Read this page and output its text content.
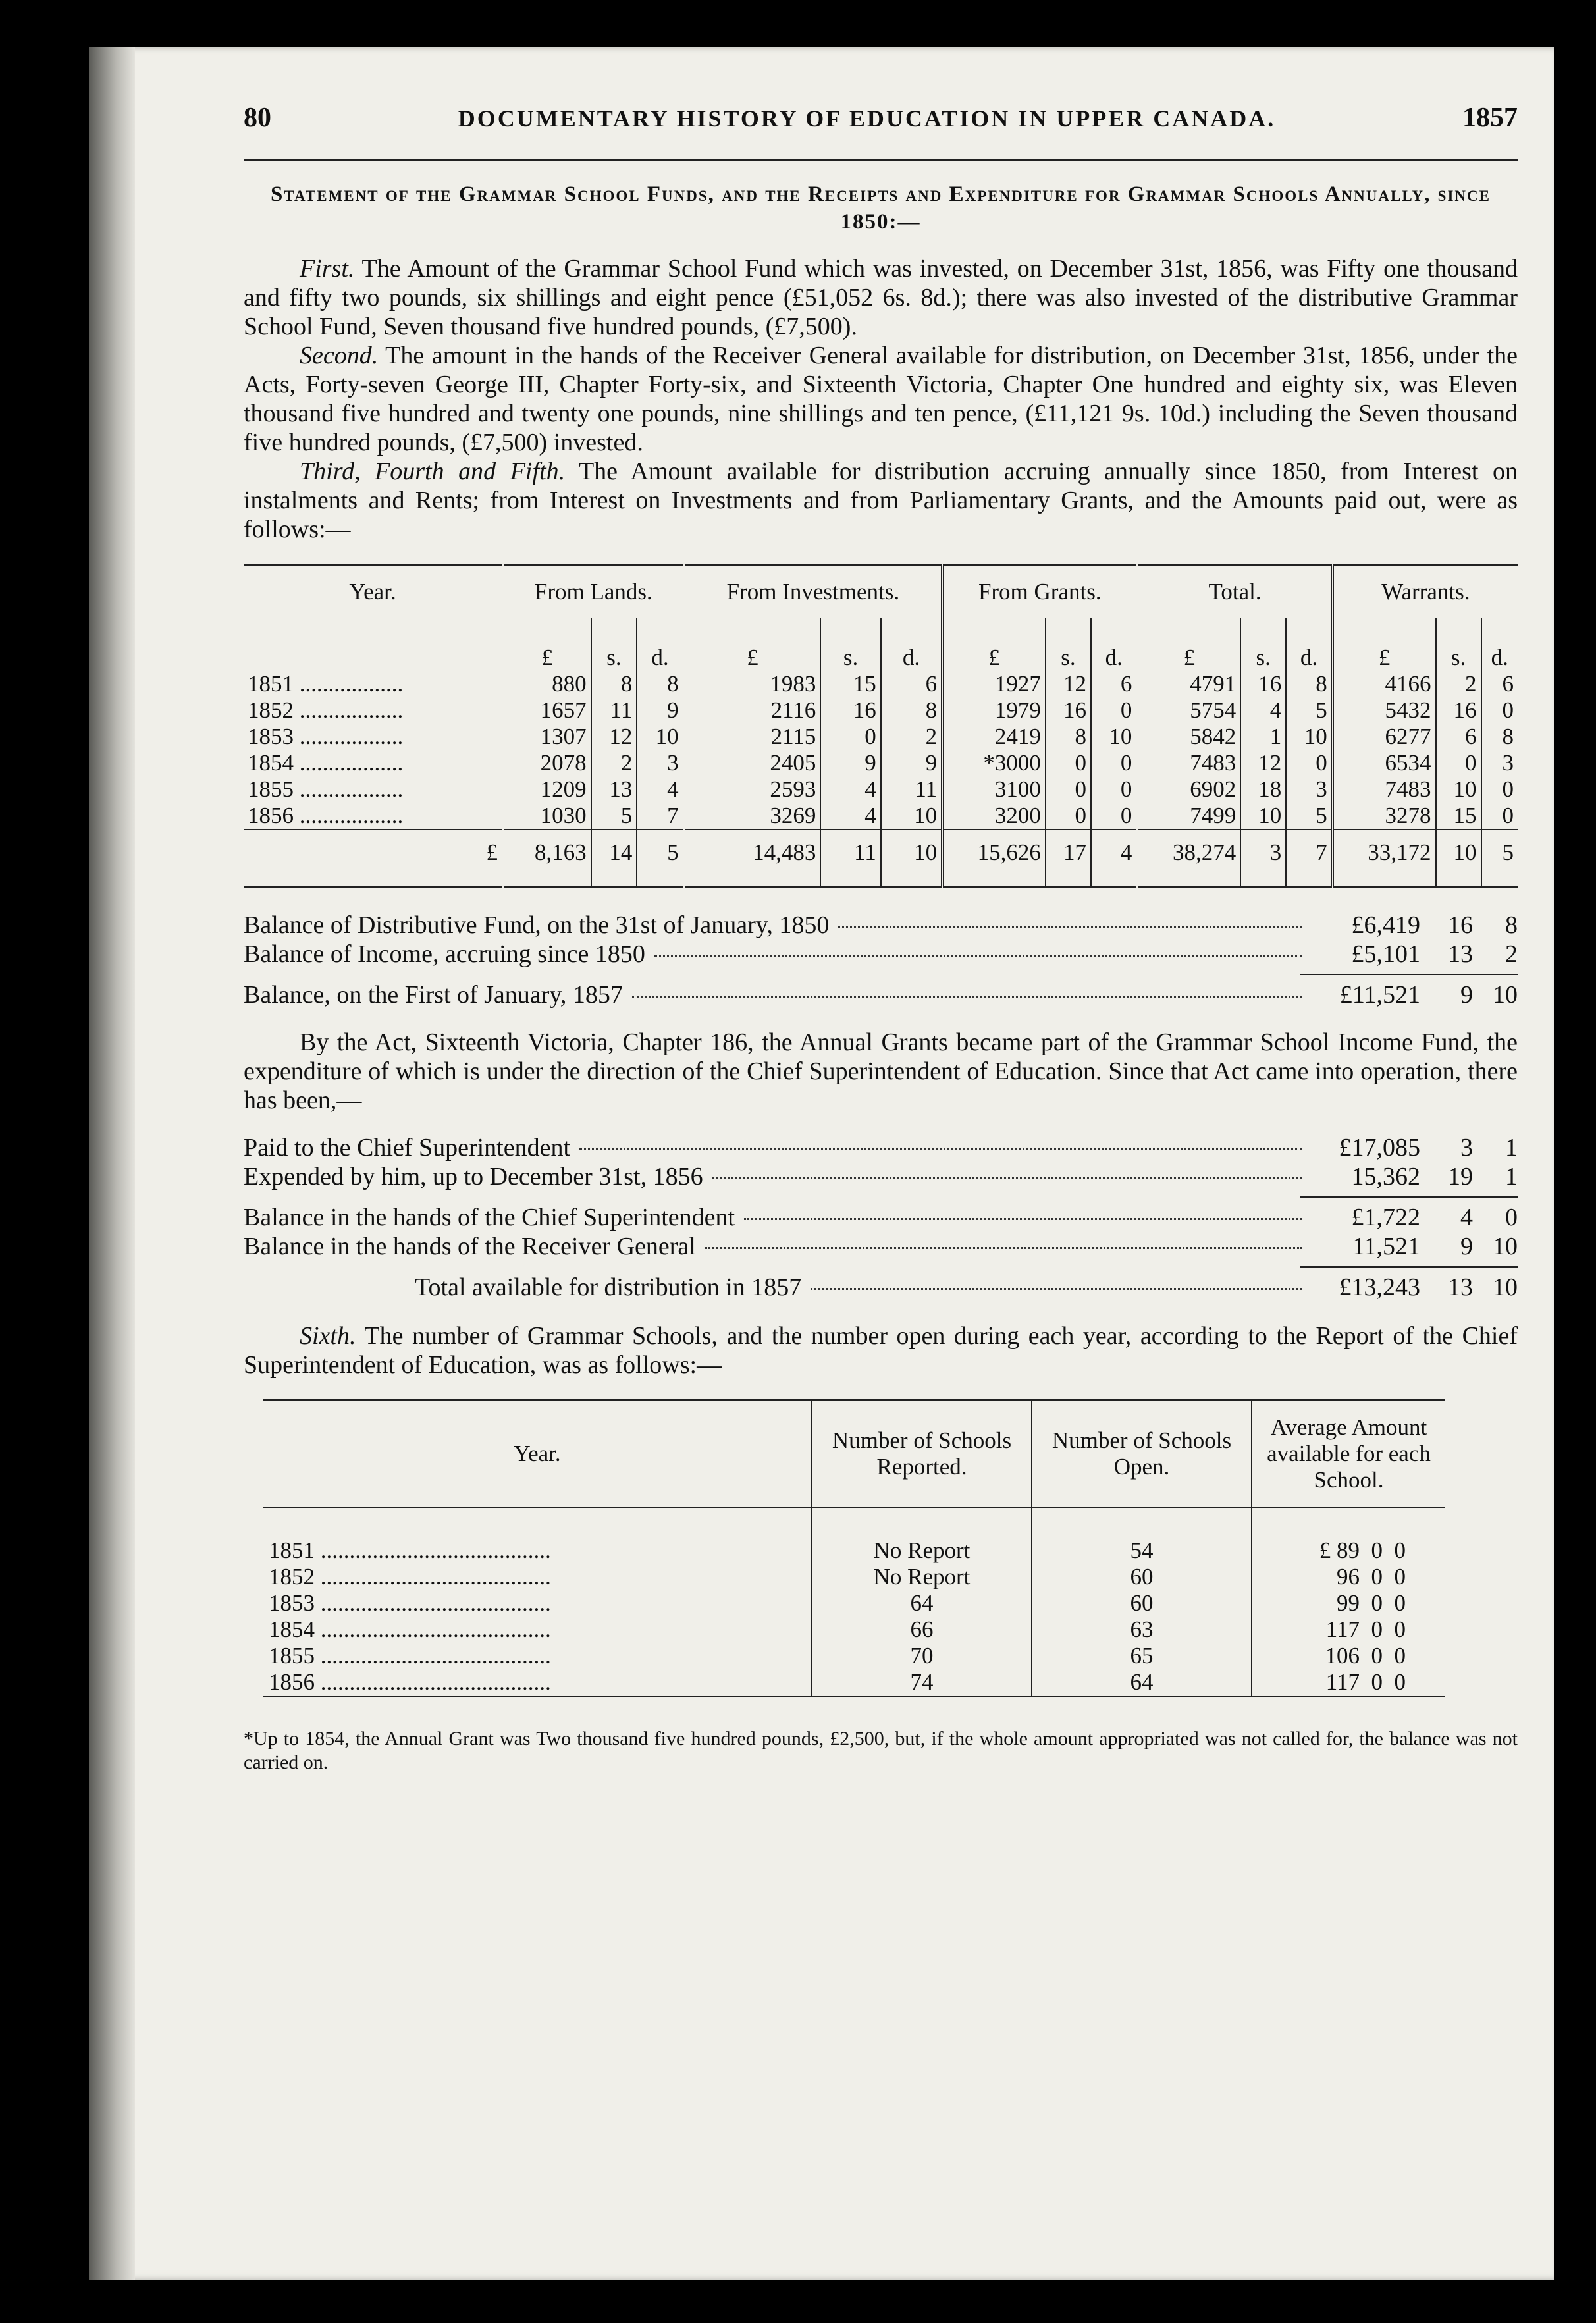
80	DOCUMENTARY HISTORY OF EDUCATION IN UPPER CANADA.	1857
Statement of the Grammar School Funds, and the Receipts and Expenditure for Grammar Schools Annually, since 1850:—

First. The Amount of the Grammar School Fund which was invested, on December 31st, 1856, was Fifty one thousand and fifty two pounds, six shillings and eight pence (£51,052 6s. 8d.); there was also invested of the distributive Grammar School Fund, Seven thousand five hundred pounds, (£7,500).

Second. The amount in the hands of the Receiver General available for distribution, on December 31st, 1856, under the Acts, Forty-seven George III, Chapter Forty-six, and Sixteenth Victoria, Chapter One hundred and eighty six, was Eleven thousand five hundred and twenty one pounds, nine shillings and ten pence, (£11,121 9s. 10d.) including the Seven thousand five hundred pounds, (£7,500) invested.

Third, Fourth and Fifth. The Amount available for distribution accruing annually since 1850, from Interest on instalments and Rents; from Interest on Investments and from Parliamentary Grants, and the Amounts paid out, were as follows:—

Year.	From Lands.			From Investments.			From Grants.			Total.			Warrants.		
	£	s.	d.	£	s.	d.	£	s.	d.	£	s.	d.	£	s.	d.
1851 ..................	880	8	8	1983	15	6	1927	12	6	4791	16	8	4166	2	6
1852 ..................	1657	11	9	2116	16	8	1979	16	0	5754	4	5	5432	16	0
1853 ..................	1307	12	10	2115	0	2	2419	8	10	5842	1	10	6277	6	8
1854 ..................	2078	2	3	2405	9	9	*3000	0	0	7483	12	0	6534	0	3
1855 ..................	1209	13	4	2593	4	11	3100	0	0	6902	18	3	7483	10	0
1856 ..................	1030	5	7	3269	4	10	3200	0	0	7499	10	5	3278	15	0
£	8,163	14	5	14,483	11	10	15,626	17	4	38,274	3	7	33,172	10	5
Balance of Distributive Fund, on the 31st of January, 1850	£6,419	16	8
Balance of Income, accruing since 1850	£5,101	13	2
Balance, on the First of January, 1857	£11,521	9 10

By the Act, Sixteenth Victoria, Chapter 186, the Annual Grants became part of the Grammar School Income Fund, the expenditure of which is under the direction of the Chief Superintendent of Education. Since that Act came into operation, there has been,—

Paid to the Chief Superintendent	£17,085	3	1
Expended by him, up to December 31st, 1856	15,362	19	1
Balance in the hands of the Chief Superintendent	£1,722	4	0
Balance in the hands of the Receiver General	11,521	9 10
Total available for distribution in 1857	£13,243	13 10

Sixth. The number of Grammar Schools, and the number open during each year, according to the Report of the Chief Superintendent of Education, was as follows:—

Year.	Number of Schools Reported.	Number of Schools Open.	Average Amount available for each School.
1851 ........................................	No Report	54	£ 89  0  0
1852 ........................................	No Report	60	96  0  0
1853 ........................................	64	60	99  0  0
1854 ........................................	66	63	117  0  0
1855 ........................................	70	65	106  0  0
1856 ........................................	74	64	117  0  0
*Up to 1854, the Annual Grant was Two thousand five hundred pounds, £2,500, but, if the whole amount appropriated was not called for, the balance was not carried on.
